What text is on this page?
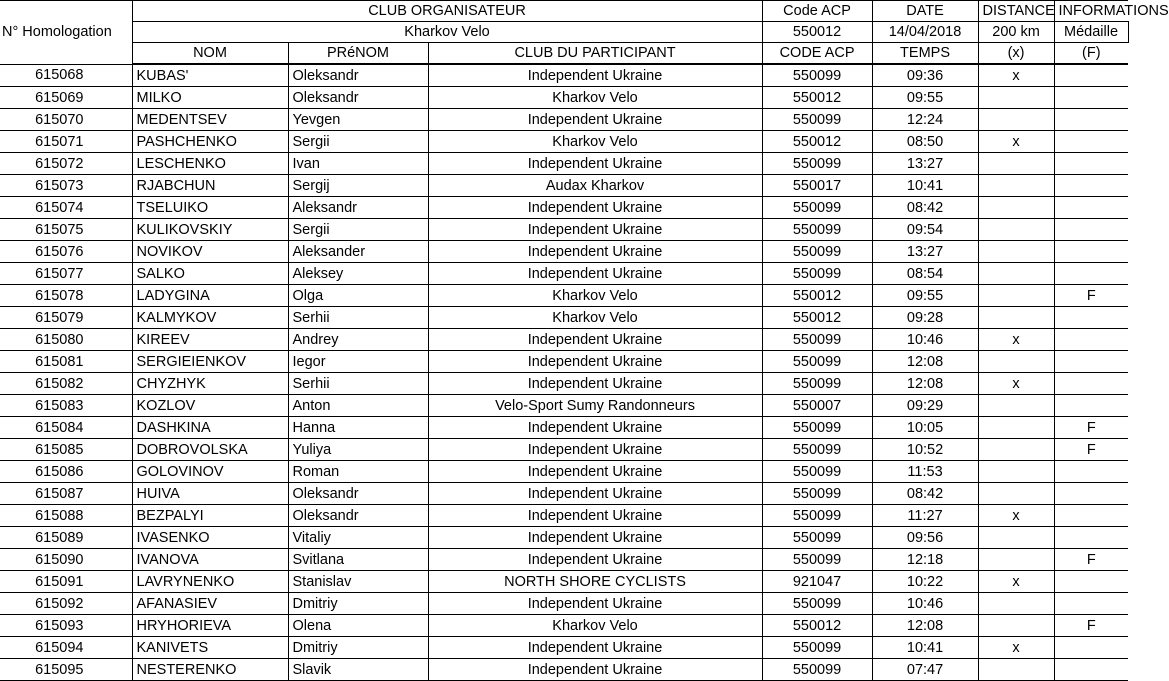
N° Homologation	CLUB ORGANISATEUR			Code ACP	DATE	DISTANCE	INFORMATIONS	
	Kharkov Velo			550012	14/04/2018	200 km	Médaille	
	NOM	PRéNOM	CLUB DU PARTICIPANT	CODE ACP	TEMPS	(x)	(F)	
615068	KUBAS'	Oleksandr	Independent Ukraine	550099	09:36	x		
615069	MILKO	Oleksandr	Kharkov Velo	550012	09:55			
615070	MEDENTSEV	Yevgen	Independent Ukraine	550099	12:24			
615071	PASHCHENKO	Sergii	Kharkov Velo	550012	08:50	x		
615072	LESCHENKO	Ivan	Independent Ukraine	550099	13:27			
615073	RJABCHUN	Sergij	Audax Kharkov	550017	10:41			
615074	TSELUIKO	Aleksandr	Independent Ukraine	550099	08:42			
615075	KULIKOVSKIY	Sergii	Independent Ukraine	550099	09:54			
615076	NOVIKOV	Aleksander	Independent Ukraine	550099	13:27			
615077	SALKO	Aleksey	Independent Ukraine	550099	08:54			
615078	LADYGINA	Olga	Kharkov Velo	550012	09:55		F	
615079	KALMYKOV	Serhii	Kharkov Velo	550012	09:28			
615080	KIREEV	Andrey	Independent Ukraine	550099	10:46	x		
615081	SERGIEIENKOV	Iegor	Independent Ukraine	550099	12:08			
615082	CHYZHYK	Serhii	Independent Ukraine	550099	12:08	x		
615083	KOZLOV	Anton	Velo-Sport Sumy Randonneurs	550007	09:29			
615084	DASHKINA	Hanna	Independent Ukraine	550099	10:05		F	
615085	DOBROVOLSKA	Yuliya	Independent Ukraine	550099	10:52		F	
615086	GOLOVINOV	Roman	Independent Ukraine	550099	11:53			
615087	HUIVA	Oleksandr	Independent Ukraine	550099	08:42			
615088	BEZPALYI	Oleksandr	Independent Ukraine	550099	11:27	x		
615089	IVASENKO	Vitaliy	Independent Ukraine	550099	09:56			
615090	IVANOVA	Svitlana	Independent Ukraine	550099	12:18		F	
615091	LAVRYNENKO	Stanislav	NORTH SHORE CYCLISTS	921047	10:22	x		
615092	AFANASIEV	Dmitriy	Independent Ukraine	550099	10:46			
615093	HRYHORIEVA	Olena	Kharkov Velo	550012	12:08		F	
615094	KANIVETS	Dmitriy	Independent Ukraine	550099	10:41	x		
615095	NESTERENKO	Slavik	Independent Ukraine	550099	07:47			
